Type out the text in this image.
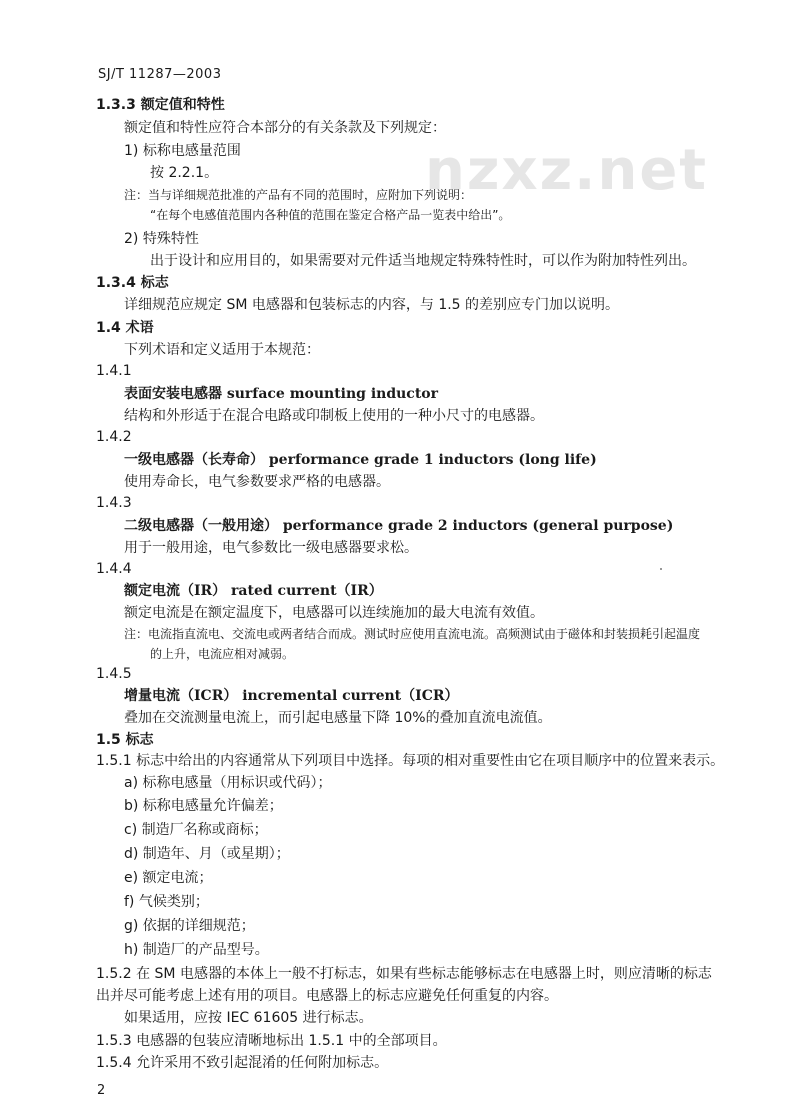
nzxz.net
SJ/T 11287—2003
1.3.3 额定值和特性
额定值和特性应符合本部分的有关条款及下列规定：
1) 标称电感量范围
按 2.2.1。
注：当与详细规范批准的产品有不同的范围时，应附加下列说明：
“在每个电感值范围内各种值的范围在鉴定合格产品一览表中给出”。
2) 特殊特性
出于设计和应用目的，如果需要对元件适当地规定特殊特性时，可以作为附加特性列出。
1.3.4 标志
详细规范应规定 SM 电感器和包装标志的内容，与 1.5 的差别应专门加以说明。
1.4 术语
下列术语和定义适用于本规范：
1.4.1
表面安装电感器 surface mounting inductor
结构和外形适于在混合电路或印制板上使用的一种小尺寸的电感器。
1.4.2
一级电感器（长寿命） performance grade 1 inductors (long life)
使用寿命长，电气参数要求严格的电感器。
1.4.3
二级电感器（一般用途） performance grade 2 inductors (general purpose)
用于一般用途，电气参数比一级电感器要求松。
1.4.4
额定电流（IR） rated current（IR）
额定电流是在额定温度下，电感器可以连续施加的最大电流有效值。
注：电流指直流电、交流电或两者结合而成。测试时应使用直流电流。高频测试由于磁体和封装损耗引起温度
的上升，电流应相对减弱。
1.4.5
增量电流（ICR） incremental current（ICR）
叠加在交流测量电流上，而引起电感量下降 10%的叠加直流电流值。
1.5 标志
1.5.1 标志中给出的内容通常从下列项目中选择。每项的相对重要性由它在项目顺序中的位置来表示。
a) 标称电感量（用标识或代码）；
b) 标称电感量允许偏差；
c) 制造厂名称或商标；
d) 制造年、月（或星期）；
e) 额定电流；
f) 气候类别；
g) 依据的详细规范；
h) 制造厂的产品型号。
1.5.2 在 SM 电感器的本体上一般不打标志，如果有些标志能够标志在电感器上时，则应清晰的标志
出并尽可能考虑上述有用的项目。电感器上的标志应避免任何重复的内容。
如果适用，应按 IEC 61605 进行标志。
1.5.3 电感器的包装应清晰地标出 1.5.1 中的全部项目。
1.5.4 允许采用不致引起混淆的任何附加标志。
2
